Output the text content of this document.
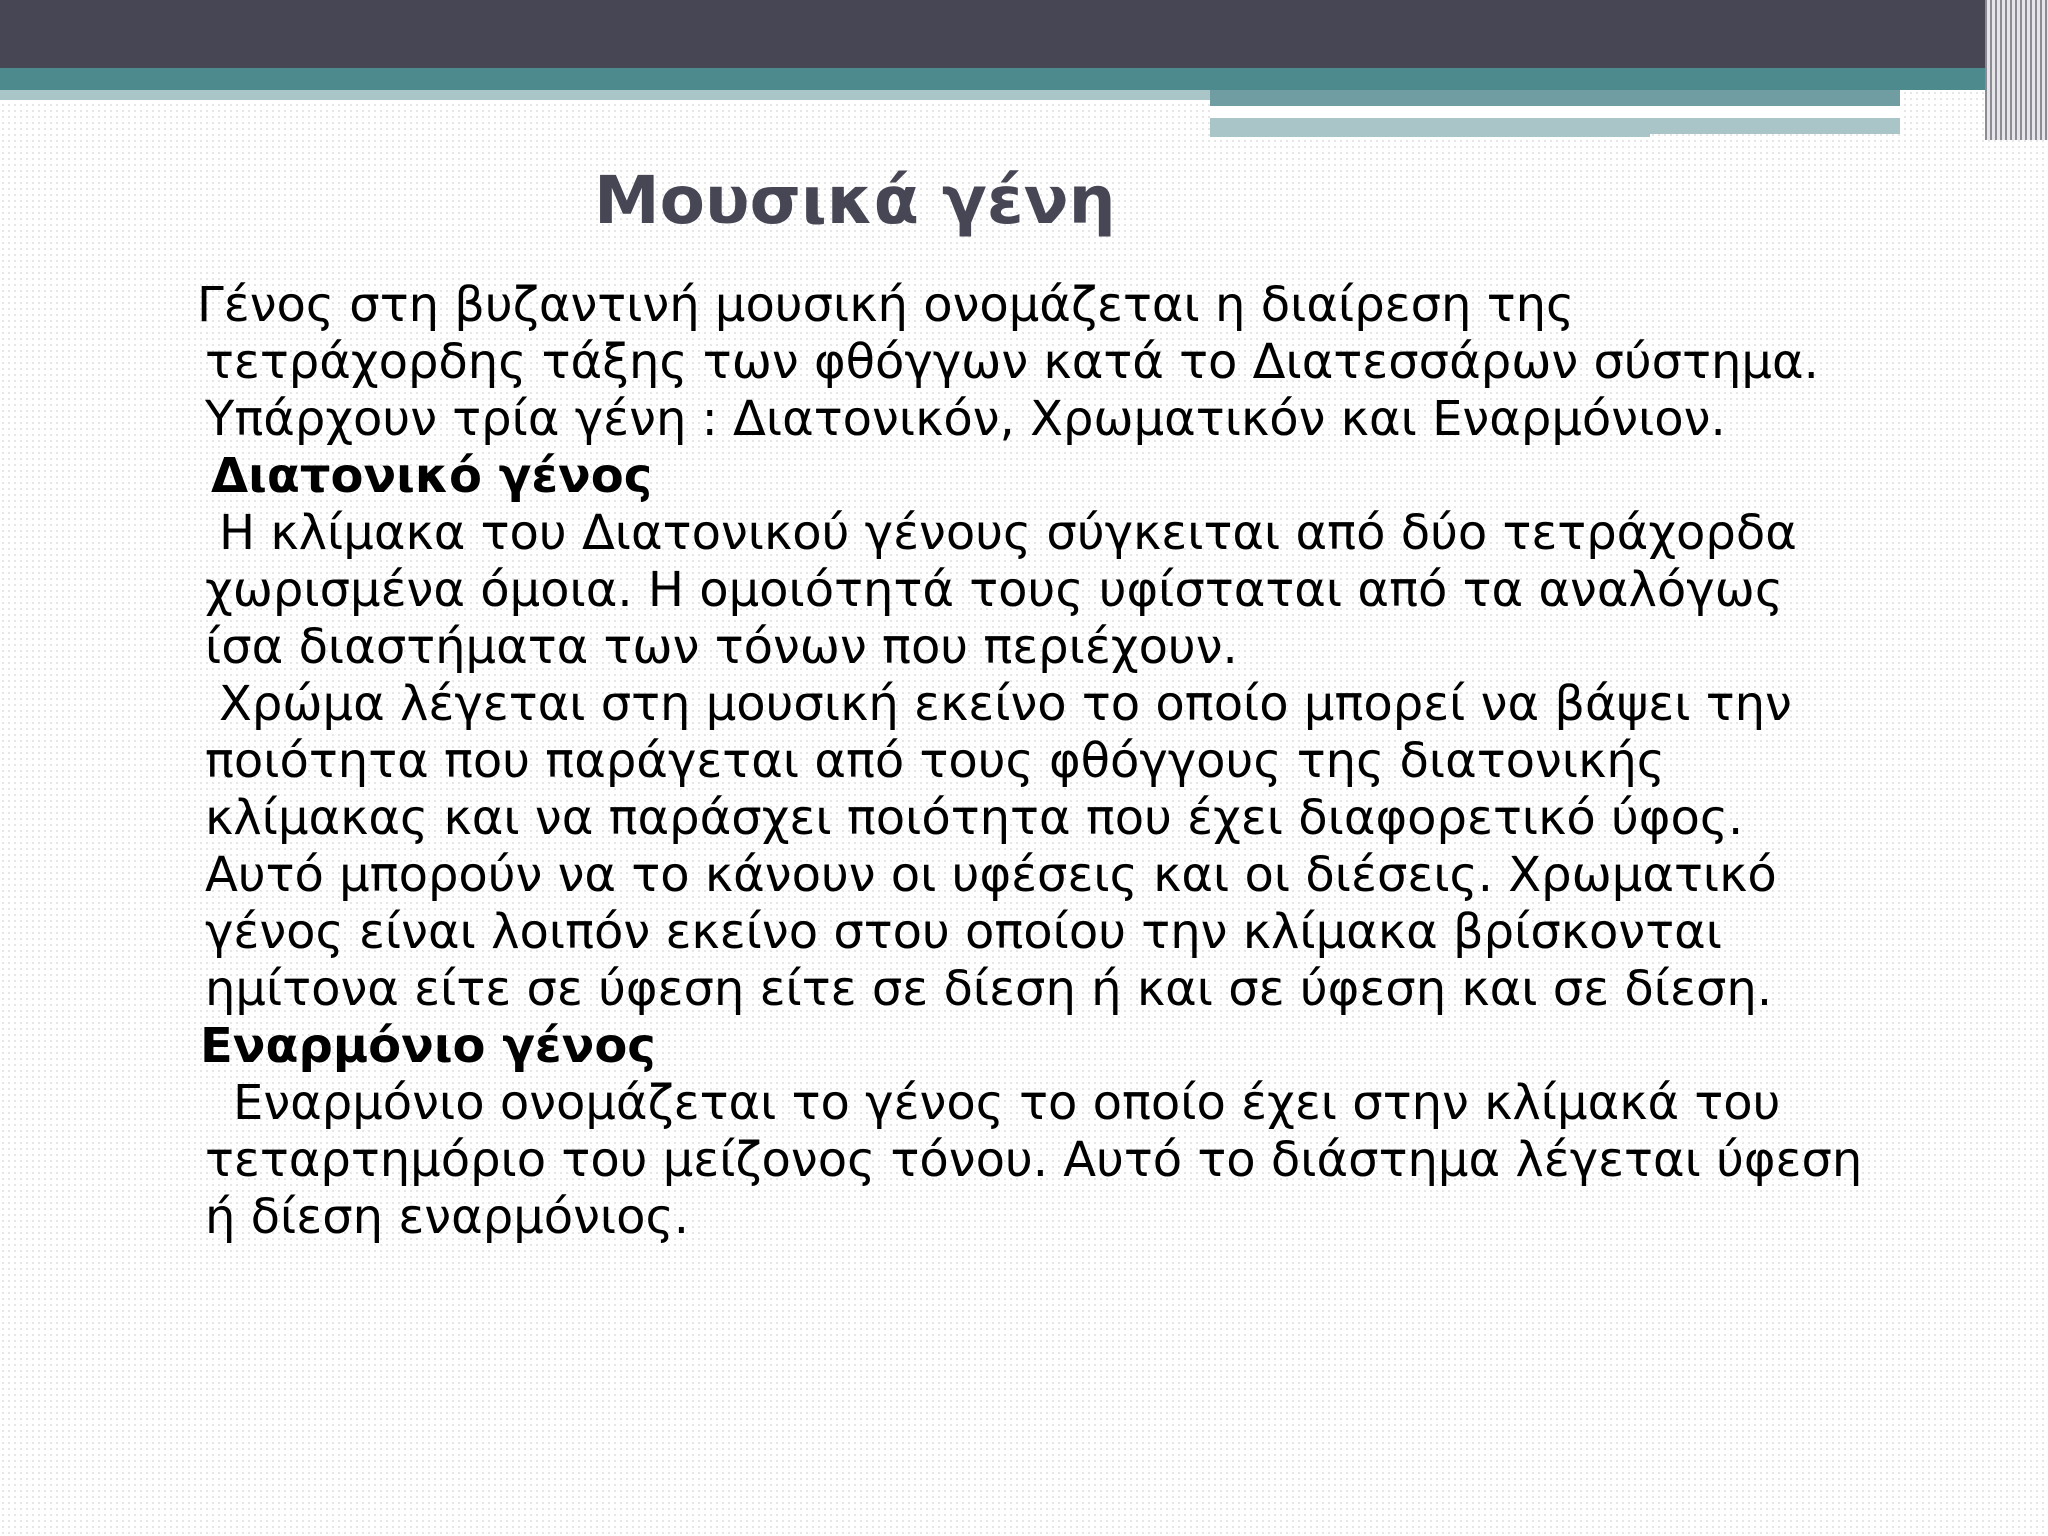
Μουσικά γένη

Γένος στη βυζαντινή μουσική ονομάζεται η διαίρεση της
τετράχορδης τάξης των φθόγγων κατά το Διατεσσάρων σύστημα.
Υπάρχουν τρία γένη : Διατονικόν, Χρωματικόν και Εναρμόνιον.

Διατονικό γένος

Η κλίμακα του Διατονικού γένους σύγκειται από δύο τετράχορδα
χωρισμένα όμοια. Η ομοιότητά τους υφίσταται από τα αναλόγως
ίσα διαστήματα των τόνων που περιέχουν.

Χρώμα λέγεται στη μουσική εκείνο το οποίο μπορεί να βάψει την
ποιότητα που παράγεται από τους φθόγγους της διατονικής
κλίμακας και να παράσχει ποιότητα που έχει διαφορετικό ύφος.
Αυτό μπορούν να το κάνουν οι υφέσεις και οι διέσεις. Χρωματικό
γένος είναι λοιπόν εκείνο στου οποίου την κλίμακα βρίσκονται
ημίτονα είτε σε ύφεση είτε σε δίεση ή και σε ύφεση και σε δίεση.

Εναρμόνιο γένος

Εναρμόνιο ονομάζεται το γένος το οποίο έχει στην κλίμακά του
τεταρτημόριο του μείζονος τόνου. Αυτό το διάστημα λέγεται ύφεση
ή δίεση εναρμόνιος.
